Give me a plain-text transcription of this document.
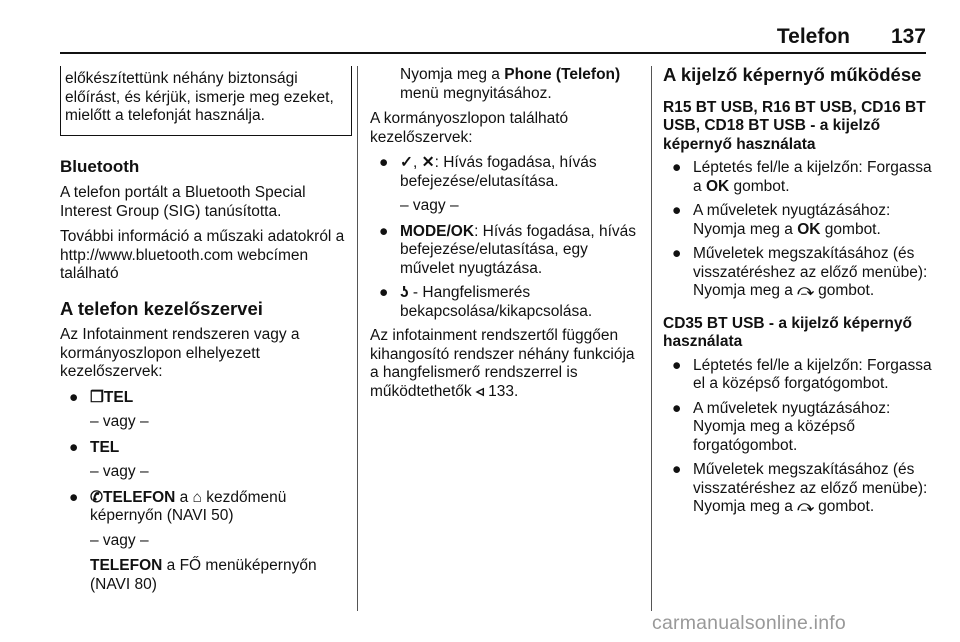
Telefon 137
előkészítettünk néhány biztonsági előírást, és kérjük, ismerje meg ezeket, mielőtt a telefonját használja.
Bluetooth

A telefon portált a Bluetooth Special Interest Group (SIG) tanúsította.

További információ a műszaki adatokról a http://www.bluetooth.com webcímen található

A telefon kezelőszervei

Az Infotainment rendszeren vagy a kormányoszlopon elhelyezett kezelőszervek:

● ❒TEL
– vagy –
● TEL
– vagy –
● ✆TELEFON a ⌂ kezdőmenü képernyőn (NAVI 50)
– vagy –
TELEFON a FŐ menüképernyőn (NAVI 80)
Nyomja meg a Phone (Telefon) menü megnyitásához.

A kormányoszlopon található kezelőszervek:

● ✓, ✕: Hívás fogadása, hívás befejezése/elutasítása.
– vagy –
● MODE/OK: Hívás fogadása, hívás befejezése/elutasítása, egy művelet nyugtázása.
● ʖ - Hangfelismerés bekapcsolása/kikapcsolása.

Az infotainment rendszertől függően kihangosító rendszer néhány funkciója a hangfelismerő rendszerrel is működtethetők ◃ 133.

A kijelző képernyő működése
R15 BT USB, R16 BT USB, CD16 BT USB, CD18 BT USB - a kijelző képernyő használata
● Léptetés fel/le a kijelzőn: Forgassa a OK gombot.
● A műveletek nyugtázásához: Nyomja meg a OK gombot.
● Műveletek megszakításához (és visszatéréshez az előző menübe): Nyomja meg a ⤼ gombot.
CD35 BT USB - a kijelző képernyő használata
● Léptetés fel/le a kijelzőn: Forgassa el a középső forgatógombot.
● A műveletek nyugtázásához: Nyomja meg a középső forgatógombot.
● Műveletek megszakításához (és visszatéréshez az előző menübe): Nyomja meg a ⤼ gombot.
carmanualsonline.info
